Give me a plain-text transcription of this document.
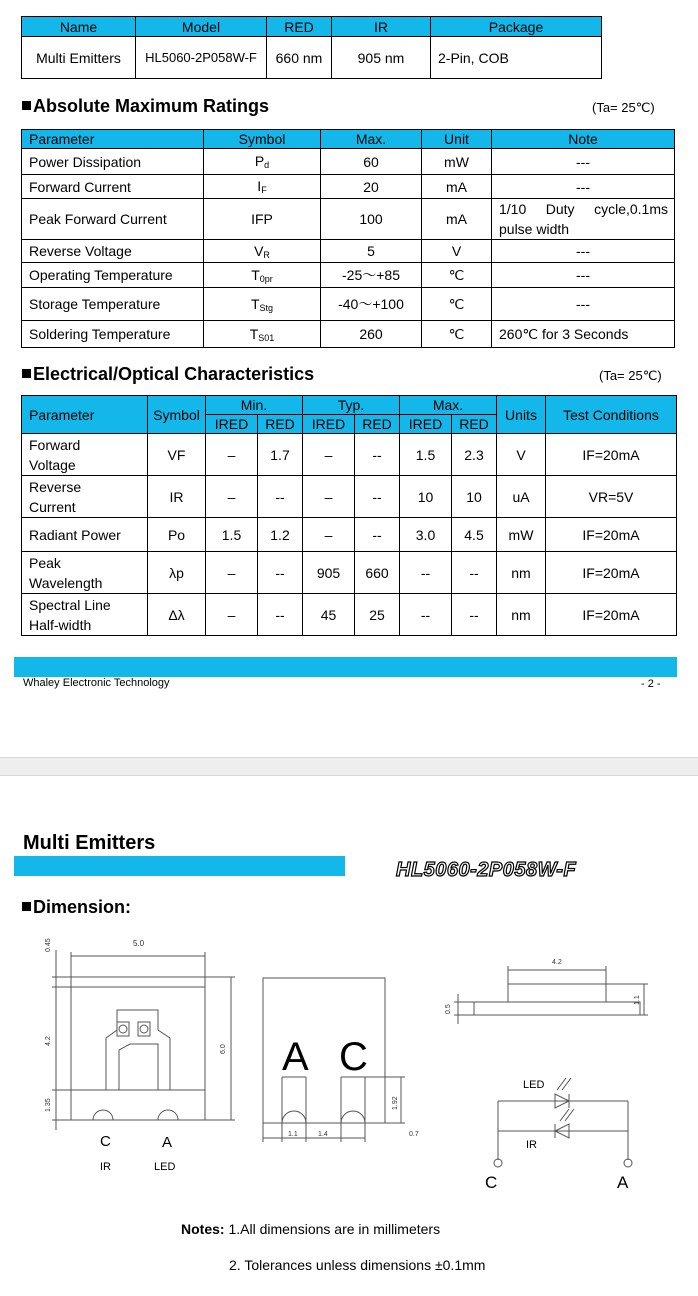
Name	Model	RED	IR	Package
Multi Emitters	HL5060-2P058W-F	660 nm	905 nm	2-Pin, COB
Absolute Maximum Ratings	(Ta= 25℃)
Parameter	Symbol	Max.	Unit	Note
Power Dissipation	$P_d$	60	mW	---
Forward Current	$I_F$	20	mA	---
Peak Forward Current	IFP	100	mA	1/10 Duty cycle,0.1ms pulse width
Reverse Voltage	$V_R$	5	V	---
Operating Temperature	$T_{0pr}$	-25～+85	℃	---
Storage Temperature	$T_{Stg}$	-40～+100	℃	---
Soldering Temperature	$T_{S01}$	260	℃	260℃ for 3 Seconds
Electrical/Optical Characteristics	(Ta= 25℃)
Parameter	Symbol	Min.		Typ.		Max.		Units	Test Conditions
		IRED	RED	IRED	RED	IRED	RED		
Forward Voltage	VF	–	1.7	–	--	1.5	2.3	V	IF=20mA
Reverse Current	IR	–	--	–	--	10	10	uA	VR=5V
Radiant Power	Po	1.5	1.2	–	--	3.0	4.5	mW	IF=20mA
Peak Wavelength	λp	–	--	905	660	--	--	nm	IF=20mA
Spectral Line Half-width	Δλ	–	--	45	25	--	--	nm	IF=20mA
Whaley Electronic Technology	- 2 -
Multi Emitters
HL5060-2P058W-F
Dimension:
5.0
0.45
4.2
1.35
6.0
C	A
IR	LED
A C
1.1	1.4	0.7
1.92
4.2
0.5
1.1
LED
IR
C	A
Notes: 1.All dimensions are in millimeters
2. Tolerances unless dimensions ±0.1mm
